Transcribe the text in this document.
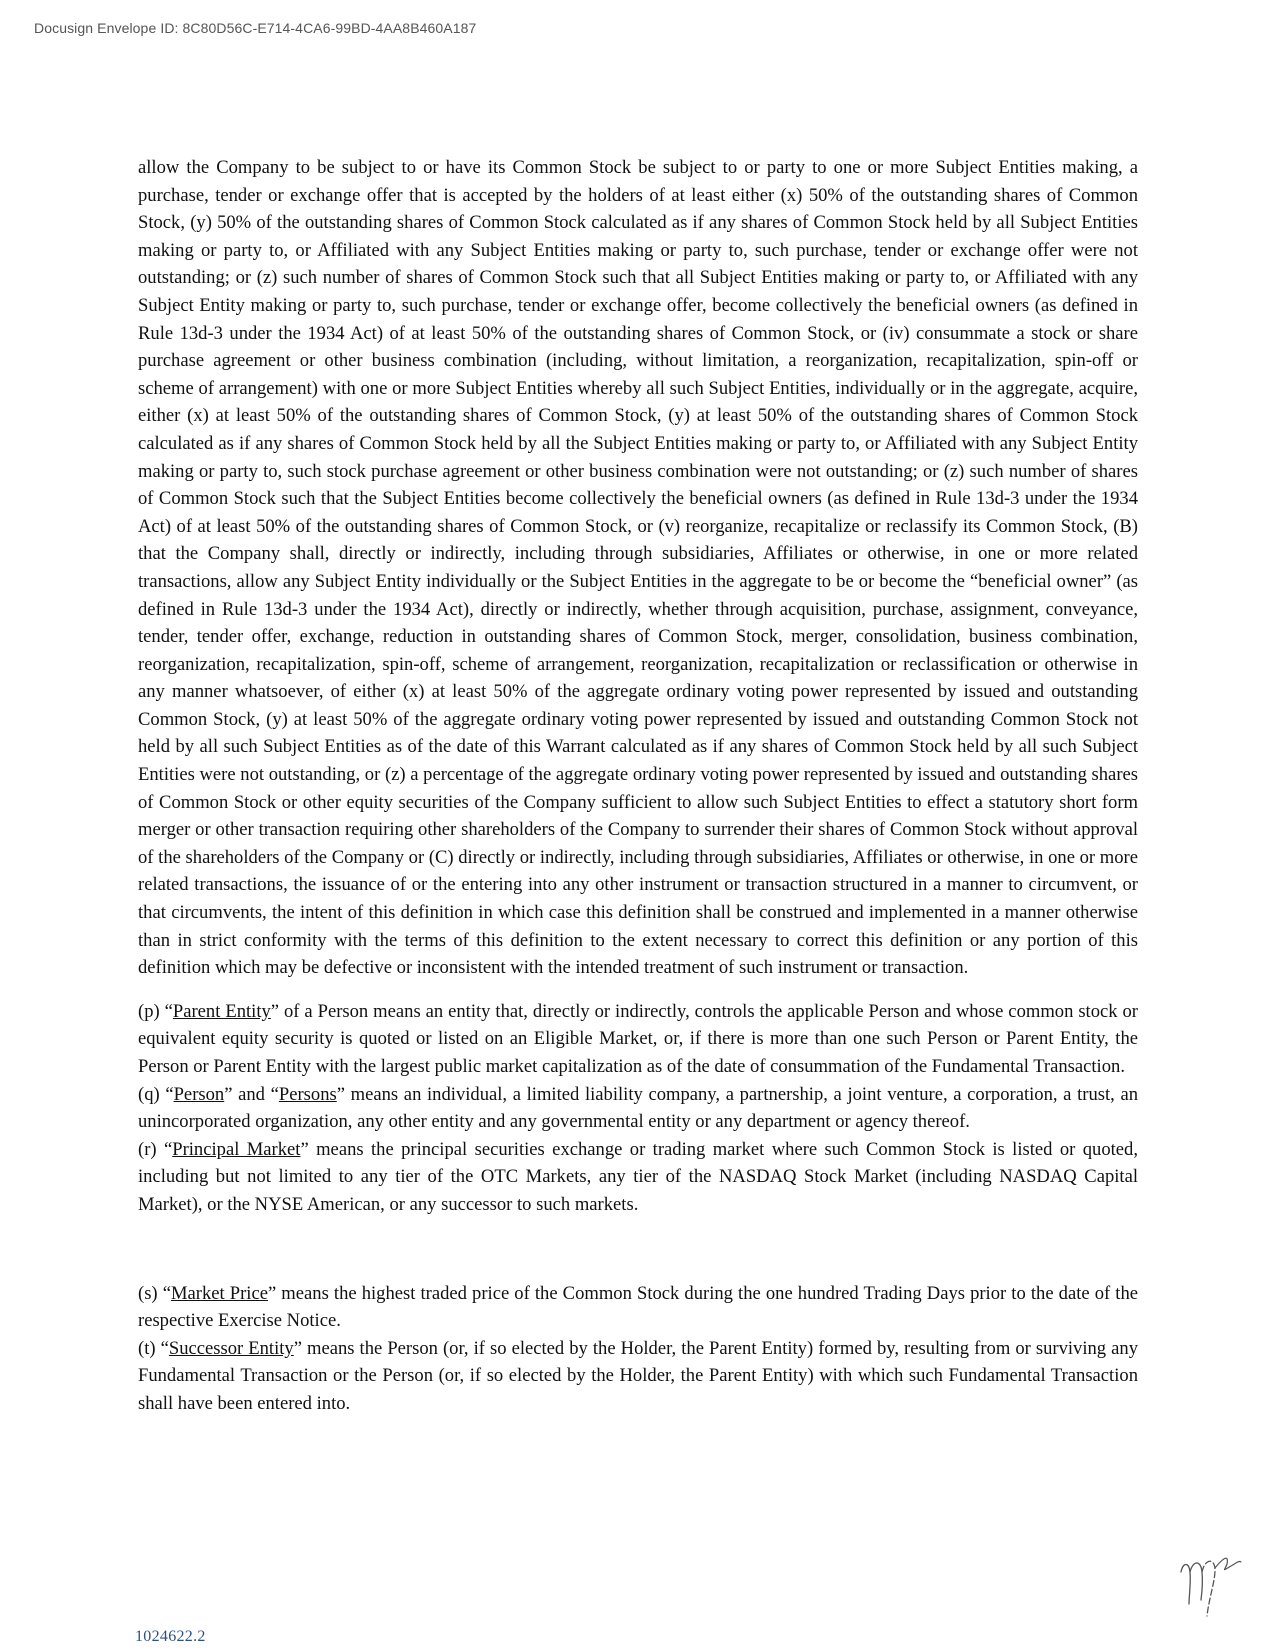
Docusign Envelope ID: 8C80D56C-E714-4CA6-99BD-4AA8B460A187

allow the Company to be subject to or have its Common Stock be subject to or party to one or more Subject Entities making, a purchase, tender or exchange offer that is accepted by the holders of at least either (x) 50% of the outstanding shares of Common Stock, (y) 50% of the outstanding shares of Common Stock calculated as if any shares of Common Stock held by all Subject Entities making or party to, or Affiliated with any Subject Entities making or party to, such purchase, tender or exchange offer were not outstanding; or (z) such number of shares of Common Stock such that all Subject Entities making or party to, or Affiliated with any Subject Entity making or party to, such purchase, tender or exchange offer, become collectively the beneficial owners (as defined in Rule 13d-3 under the 1934 Act) of at least 50% of the outstanding shares of Common Stock, or (iv) consummate a stock or share purchase agreement or other business combination (including, without limitation, a reorganization, recapitalization, spin-off or scheme of arrangement) with one or more Subject Entities whereby all such Subject Entities, individually or in the aggregate, acquire, either (x) at least 50% of the outstanding shares of Common Stock, (y) at least 50% of the outstanding shares of Common Stock calculated as if any shares of Common Stock held by all the Subject Entities making or party to, or Affiliated with any Subject Entity making or party to, such stock purchase agreement or other business combination were not outstanding; or (z) such number of shares of Common Stock such that the Subject Entities become collectively the beneficial owners (as defined in Rule 13d-3 under the 1934 Act) of at least 50% of the outstanding shares of Common Stock, or (v) reorganize, recapitalize or reclassify its Common Stock, (B) that the Company shall, directly or indirectly, including through subsidiaries, Affiliates or otherwise, in one or more related transactions, allow any Subject Entity individually or the Subject Entities in the aggregate to be or become the “beneficial owner” (as defined in Rule 13d-3 under the 1934 Act), directly or indirectly, whether through acquisition, purchase, assignment, conveyance, tender, tender offer, exchange, reduction in outstanding shares of Common Stock, merger, consolidation, business combination, reorganization, recapitalization, spin-off, scheme of arrangement, reorganization, recapitalization or reclassification or otherwise in any manner whatsoever, of either (x) at least 50% of the aggregate ordinary voting power represented by issued and outstanding Common Stock, (y) at least 50% of the aggregate ordinary voting power represented by issued and outstanding Common Stock not held by all such Subject Entities as of the date of this Warrant calculated as if any shares of Common Stock held by all such Subject Entities were not outstanding, or (z) a percentage of the aggregate ordinary voting power represented by issued and outstanding shares of Common Stock or other equity securities of the Company sufficient to allow such Subject Entities to effect a statutory short form merger or other transaction requiring other shareholders of the Company to surrender their shares of Common Stock without approval of the shareholders of the Company or (C) directly or indirectly, including through subsidiaries, Affiliates or otherwise, in one or more related transactions, the issuance of or the entering into any other instrument or transaction structured in a manner to circumvent, or that circumvents, the intent of this definition in which case this definition shall be construed and implemented in a manner otherwise than in strict conformity with the terms of this definition to the extent necessary to correct this definition or any portion of this definition which may be defective or inconsistent with the intended treatment of such instrument or transaction.

(p) “Parent Entity” of a Person means an entity that, directly or indirectly, controls the applicable Person and whose common stock or equivalent equity security is quoted or listed on an Eligible Market, or, if there is more than one such Person or Parent Entity, the Person or Parent Entity with the largest public market capitalization as of the date of consummation of the Fundamental Transaction.

(q) “Person” and “Persons” means an individual, a limited liability company, a partnership, a joint venture, a corporation, a trust, an unincorporated organization, any other entity and any governmental entity or any department or agency thereof.

(r) “Principal Market” means the principal securities exchange or trading market where such Common Stock is listed or quoted, including but not limited to any tier of the OTC Markets, any tier of the NASDAQ Stock Market (including NASDAQ Capital Market), or the NYSE American, or any successor to such markets.

(s) “Market Price” means the highest traded price of the Common Stock during the one hundred Trading Days prior to the date of the respective Exercise Notice.

(t) “Successor Entity” means the Person (or, if so elected by the Holder, the Parent Entity) formed by, resulting from or surviving any Fundamental Transaction or the Person (or, if so elected by the Holder, the Parent Entity) with which such Fundamental Transaction shall have been entered into.

1024622.2
